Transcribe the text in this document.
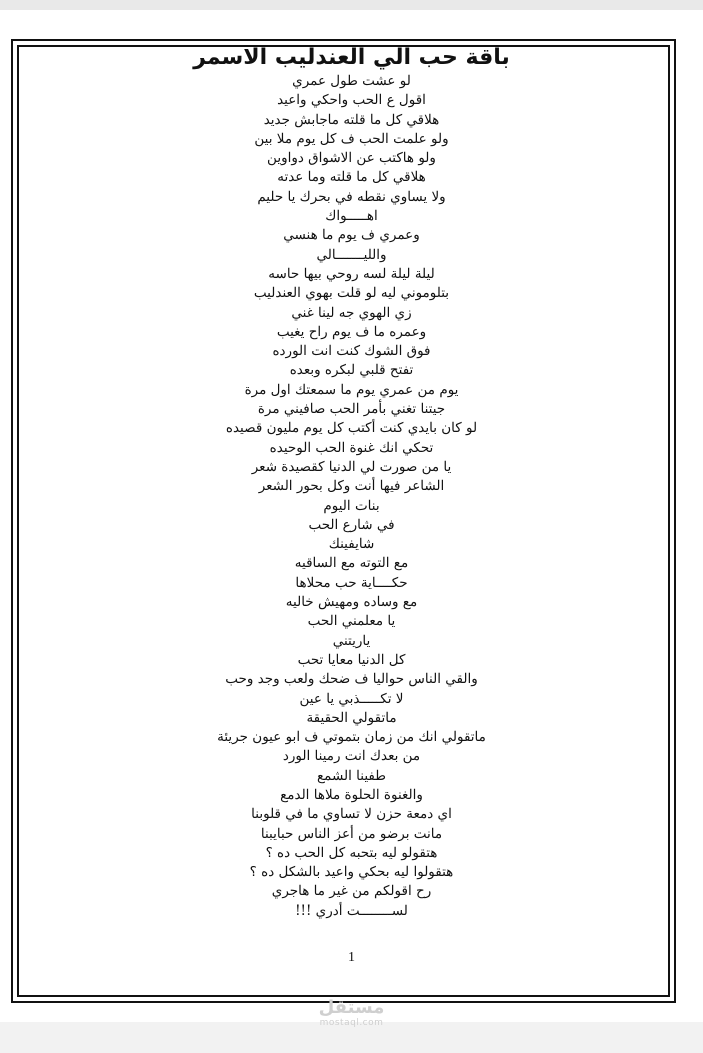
باقة حب الي العندليب الاسمر
لو عشت طول عمري
اقول ع الحب واحكي واعيد
هلاقي كل ما قلته ماجابش جديد
ولو علمت الحب ف كل يوم ملا بين
ولو هاكتب عن الاشواق دواوين
هلاقي كل ما قلته وما عدته
ولا يساوي نقطه في بحرك يا حليم
اهـــــواك
وعمري ف يوم ما هنسي
والليـــــــالي
ليلة ليلة لسه روحي بيها حاسه
بتلوموني ليه لو قلت بهوي العندليب
زي الهوي جه لينا غني
وعمره ما ف يوم راح يغيب
فوق الشوك كنت انت الورده
تفتح قلبي لبكره وبعده
يوم من عمري يوم ما سمعتك اول مرة
جيتنا تغني بأمر الحب صافيني مرة
لو كان بايدي كنت أكتب كل يوم مليون قصيده
تحكي انك غنوة الحب الوحيده
يا من صورت لي الدنيا كقصيدة شعر
الشاعر فيها أنت وكل بحور الشعر
بنات اليوم
في شارع الحب
شايفينك
مع التوته مع الساقيه
حكــــاية حب محلاها
مع وساده ومهيش خاليه
يا معلمني الحب
ياريتني
كل الدنيا معايا تحب
والقي الناس حواليا ف ضحك ولعب وجد وحب
لا تكـــــذبي يا عين
ماتقولي الحقيقة
ماتقولي انك من زمان بتموتي ف ابو عيون جريئة
من بعدك انت رمينا الورد
طفينا الشمع
والغنوة الحلوة ملاها الدمع
اي دمعة حزن لا تساوي ما في قلوبنا
مانت برضو من أعز الناس حبايبنا
هتقولو ليه بتحبه كل الحب ده ؟
هتقولوا ليه بحكي واعيد بالشكل ده ؟
رح اقولكم من غير ما هاجري
لســــــــت أدري !!!
1
مستقل
mostaql.com
